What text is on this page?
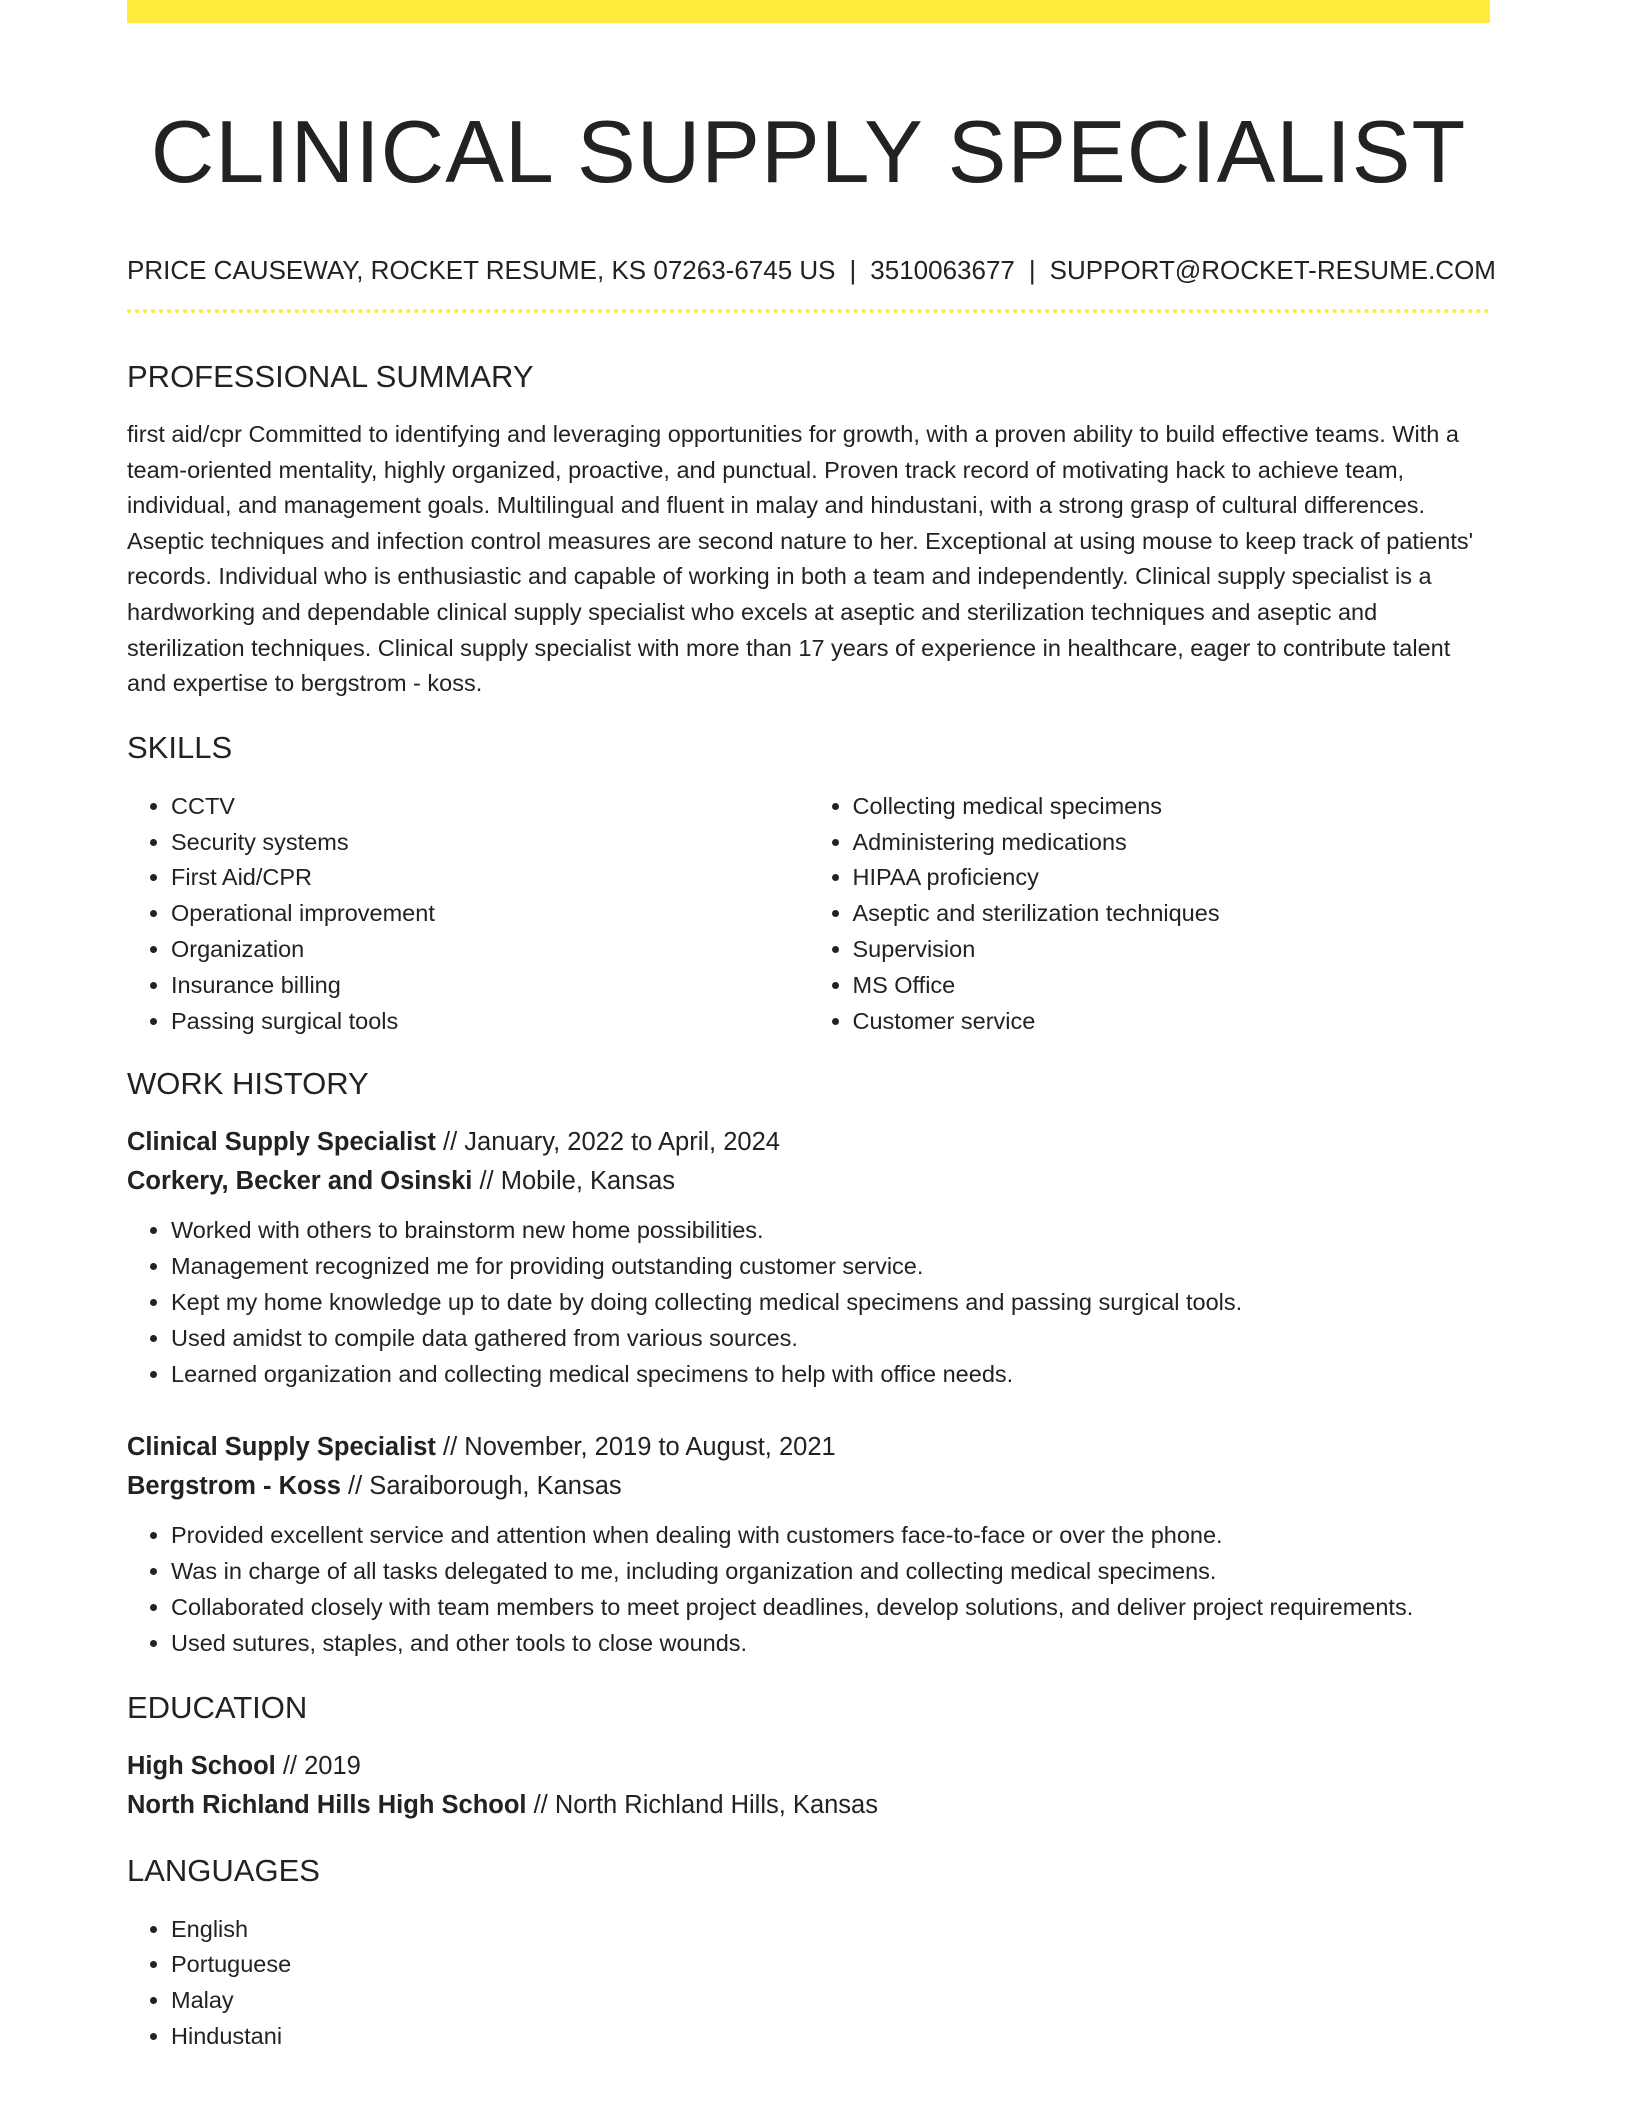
CLINICAL SUPPLY SPECIALIST
PRICE CAUSEWAY, ROCKET RESUME, KS 07263-6745 US | 3510063677 | SUPPORT@ROCKET-RESUME.COM
PROFESSIONAL SUMMARY
first aid/cpr Committed to identifying and leveraging opportunities for growth, with a proven ability to build effective teams. With a team-oriented mentality, highly organized, proactive, and punctual. Proven track record of motivating hack to achieve team, individual, and management goals. Multilingual and fluent in malay and hindustani, with a strong grasp of cultural differences. Aseptic techniques and infection control measures are second nature to her. Exceptional at using mouse to keep track of patients' records. Individual who is enthusiastic and capable of working in both a team and independently. Clinical supply specialist is a hardworking and dependable clinical supply specialist who excels at aseptic and sterilization techniques and aseptic and sterilization techniques. Clinical supply specialist with more than 17 years of experience in healthcare, eager to contribute talent and expertise to bergstrom - koss.
SKILLS
• CCTV
• Security systems
• First Aid/CPR
• Operational improvement
• Organization
• Insurance billing
• Passing surgical tools
• Collecting medical specimens
• Administering medications
• HIPAA proficiency
• Aseptic and sterilization techniques
• Supervision
• MS Office
• Customer service
WORK HISTORY
Clinical Supply Specialist // January, 2022 to April, 2024
Corkery, Becker and Osinski // Mobile, Kansas
• Worked with others to brainstorm new home possibilities.
• Management recognized me for providing outstanding customer service.
• Kept my home knowledge up to date by doing collecting medical specimens and passing surgical tools.
• Used amidst to compile data gathered from various sources.
• Learned organization and collecting medical specimens to help with office needs.
Clinical Supply Specialist // November, 2019 to August, 2021
Bergstrom - Koss // Saraiborough, Kansas
• Provided excellent service and attention when dealing with customers face-to-face or over the phone.
• Was in charge of all tasks delegated to me, including organization and collecting medical specimens.
• Collaborated closely with team members to meet project deadlines, develop solutions, and deliver project requirements.
• Used sutures, staples, and other tools to close wounds.
EDUCATION
High School // 2019
North Richland Hills High School // North Richland Hills, Kansas
LANGUAGES
• English
• Portuguese
• Malay
• Hindustani
